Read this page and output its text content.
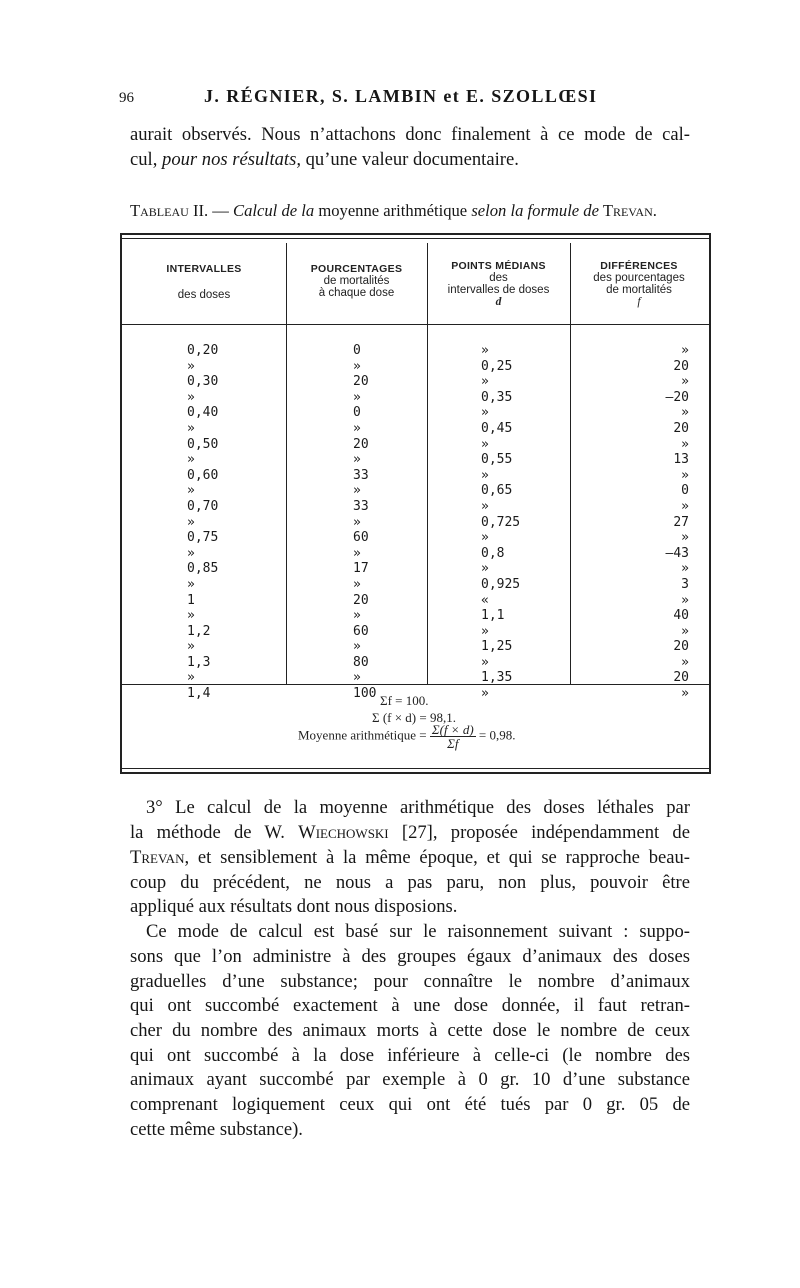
96	J. RÉGNIER, S. LAMBIN et E. SZOLLŒSI
aurait observés. Nous n’attachons donc finalement à ce mode de cal-
cul, pour nos résultats, qu’une valeur documentaire.
Tableau II. — Calcul de la moyenne arithmétique selon la formule de Trevan.
INTERVALLES
des doses
POURCENTAGES
de mortalités
à chaque dose
POINTS MÉDIANS
des
intervalles de doses
d
DIFFÉRENCES
des pourcentages
de mortalités
f
0,20
»
0,30
»
0,40
»
0,50
»
0,60
»
0,70
»
0,75
»
0,85
»
1
»
1,2
»
1,3
»
1,4
0
»
20
»
0
»
20
»
33
»
33
»
60
»
17
»
20
»
60
»
80
»
100
»
0,25
»
0,35
»
0,45
»
0,55
»
0,65
»
0,725
»
0,8
»
0,925
«
1,1
»
1,25
»
1,35
»
»
20
»
—20
»
20
»
13
»
0
»
27
»
—43
»
3
»
40
»
20
»
20
»
Σf = 100.
Σ (f × d) = 98,1.
Moyenne arithmétique = $\frac{\Sigma(f \times d)}{\Sigma f} = 0,98$.
3° Le calcul de la moyenne arithmétique des doses léthales par
la méthode de W. Wiechowski [27], proposée indépendamment de
Trevan, et sensiblement à la même époque, et qui se rapproche beau-
coup du précédent, ne nous a pas paru, non plus, pouvoir être
appliqué aux résultats dont nous disposions.
Ce mode de calcul est basé sur le raisonnement suivant : suppo-
sons que l’on administre à des groupes égaux d’animaux des doses
graduelles d’une substance; pour connaître le nombre d’animaux
qui ont succombé exactement à une dose donnée, il faut retran-
cher du nombre des animaux morts à cette dose le nombre de ceux
qui ont succombé à la dose inférieure à celle-ci (le nombre des
animaux ayant succombé par exemple à 0 gr. 10 d’une substance
comprenant logiquement ceux qui ont été tués par 0 gr. 05 de
cette même substance).
